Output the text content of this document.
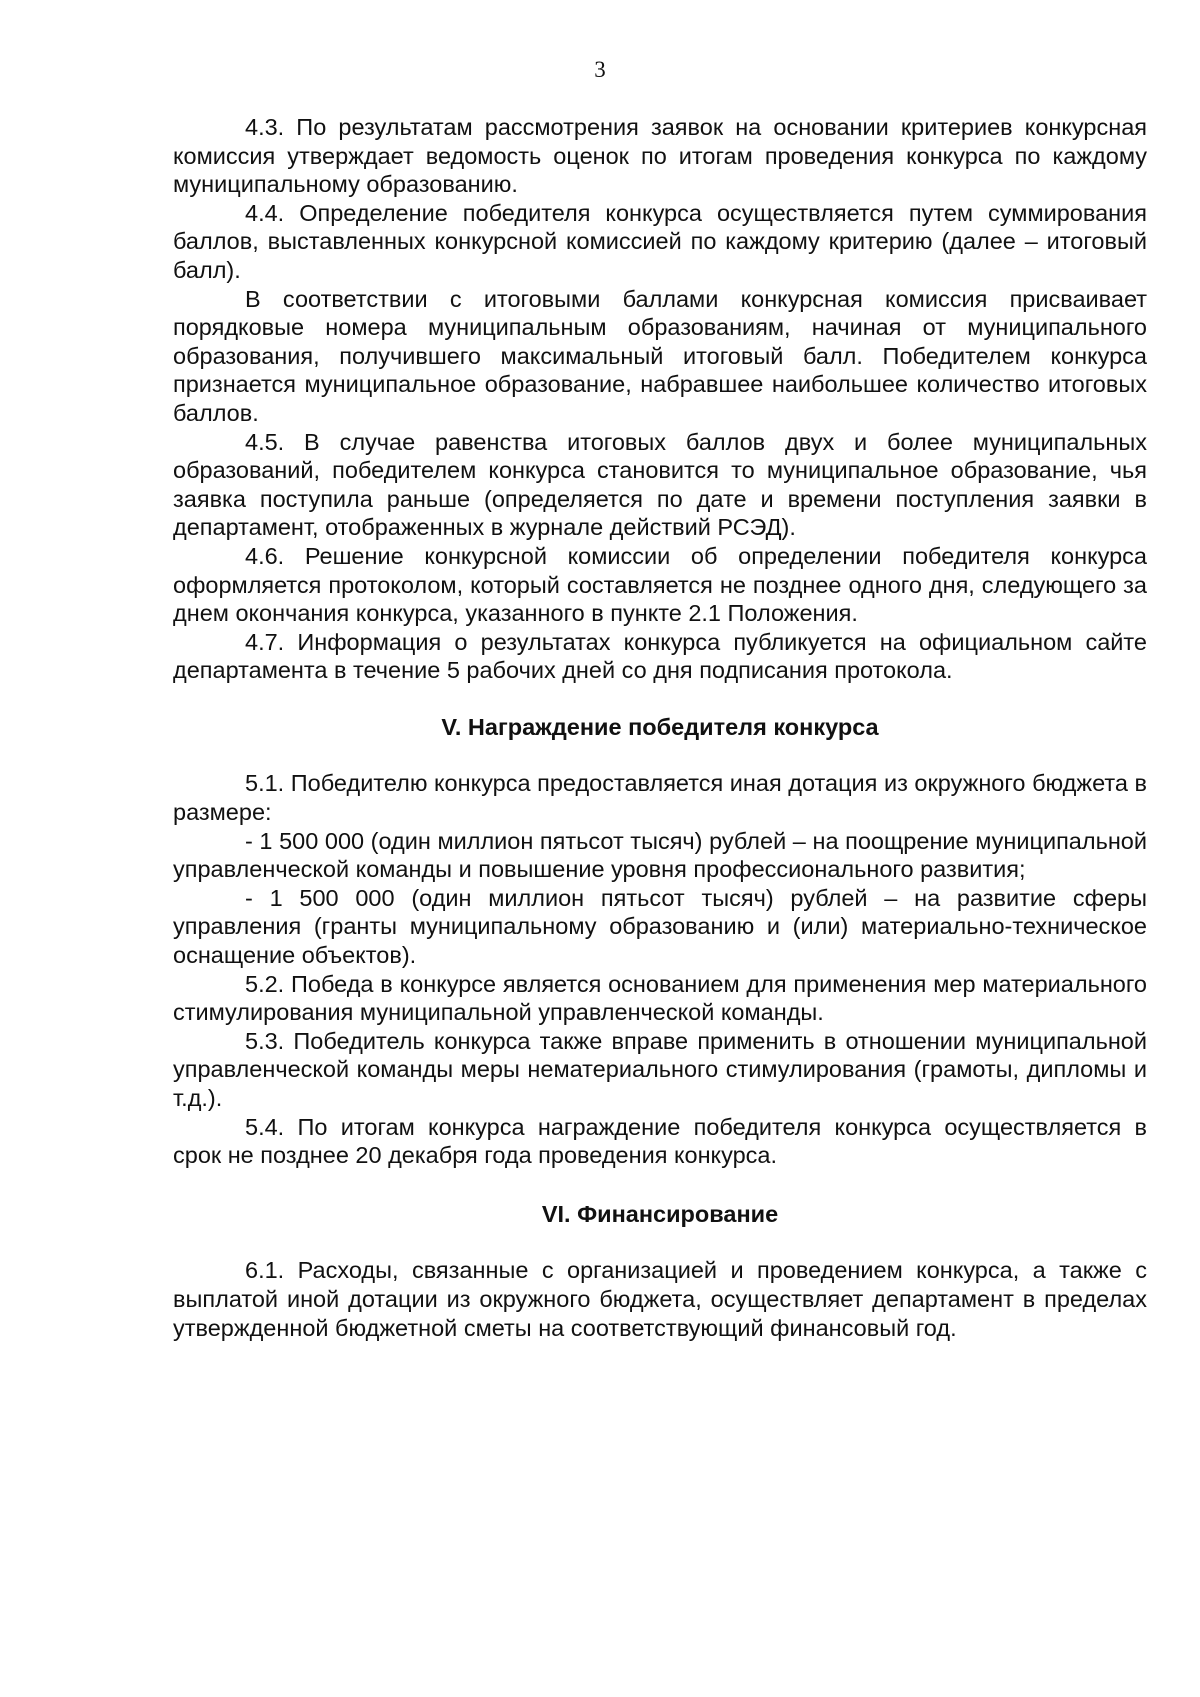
3

4.3. По результатам рассмотрения заявок на основании критериев конкурсная комиссия утверждает ведомость оценок по итогам проведения конкурса по каждому муниципальному образованию.

4.4. Определение победителя конкурса осуществляется путем суммирования баллов, выставленных конкурсной комиссией по каждому критерию (далее – итоговый балл).

В соответствии с итоговыми баллами конкурсная комиссия присваивает порядковые номера муниципальным образованиям, начиная от муниципального образования, получившего максимальный итоговый балл. Победителем конкурса признается муниципальное образование, набравшее наибольшее количество итоговых баллов.

4.5. В случае равенства итоговых баллов двух и более муниципальных образований, победителем конкурса становится то муниципальное образование, чья заявка поступила раньше (определяется по дате и времени поступления заявки в департамент, отображенных в журнале действий РСЭД).

4.6. Решение конкурсной комиссии об определении победителя конкурса оформляется протоколом, который составляется не позднее одного дня, следующего за днем окончания конкурса, указанного в пункте 2.1 Положения.

4.7. Информация о результатах конкурса публикуется на официальном сайте департамента в течение 5 рабочих дней со дня подписания протокола.

V. Награждение победителя конкурса

5.1. Победителю конкурса предоставляется иная дотация из окружного бюджета в размере:

- 1 500 000 (один миллион пятьсот тысяч) рублей – на поощрение муниципальной управленческой команды и повышение уровня профессионального развития;

- 1 500 000 (один миллион пятьсот тысяч) рублей – на развитие сферы управления (гранты муниципальному образованию и (или) материально-техническое оснащение объектов).

5.2. Победа в конкурсе является основанием для применения мер материального стимулирования муниципальной управленческой команды.

5.3. Победитель конкурса также вправе применить в отношении муниципальной управленческой команды меры нематериального стимулирования (грамоты, дипломы и т.д.).

5.4. По итогам конкурса награждение победителя конкурса осуществляется в срок не позднее 20 декабря года проведения конкурса.

VI. Финансирование

6.1. Расходы, связанные с организацией и проведением конкурса, а также с выплатой иной дотации из окружного бюджета, осуществляет департамент в пределах утвержденной бюджетной сметы на соответствующий финансовый год.
